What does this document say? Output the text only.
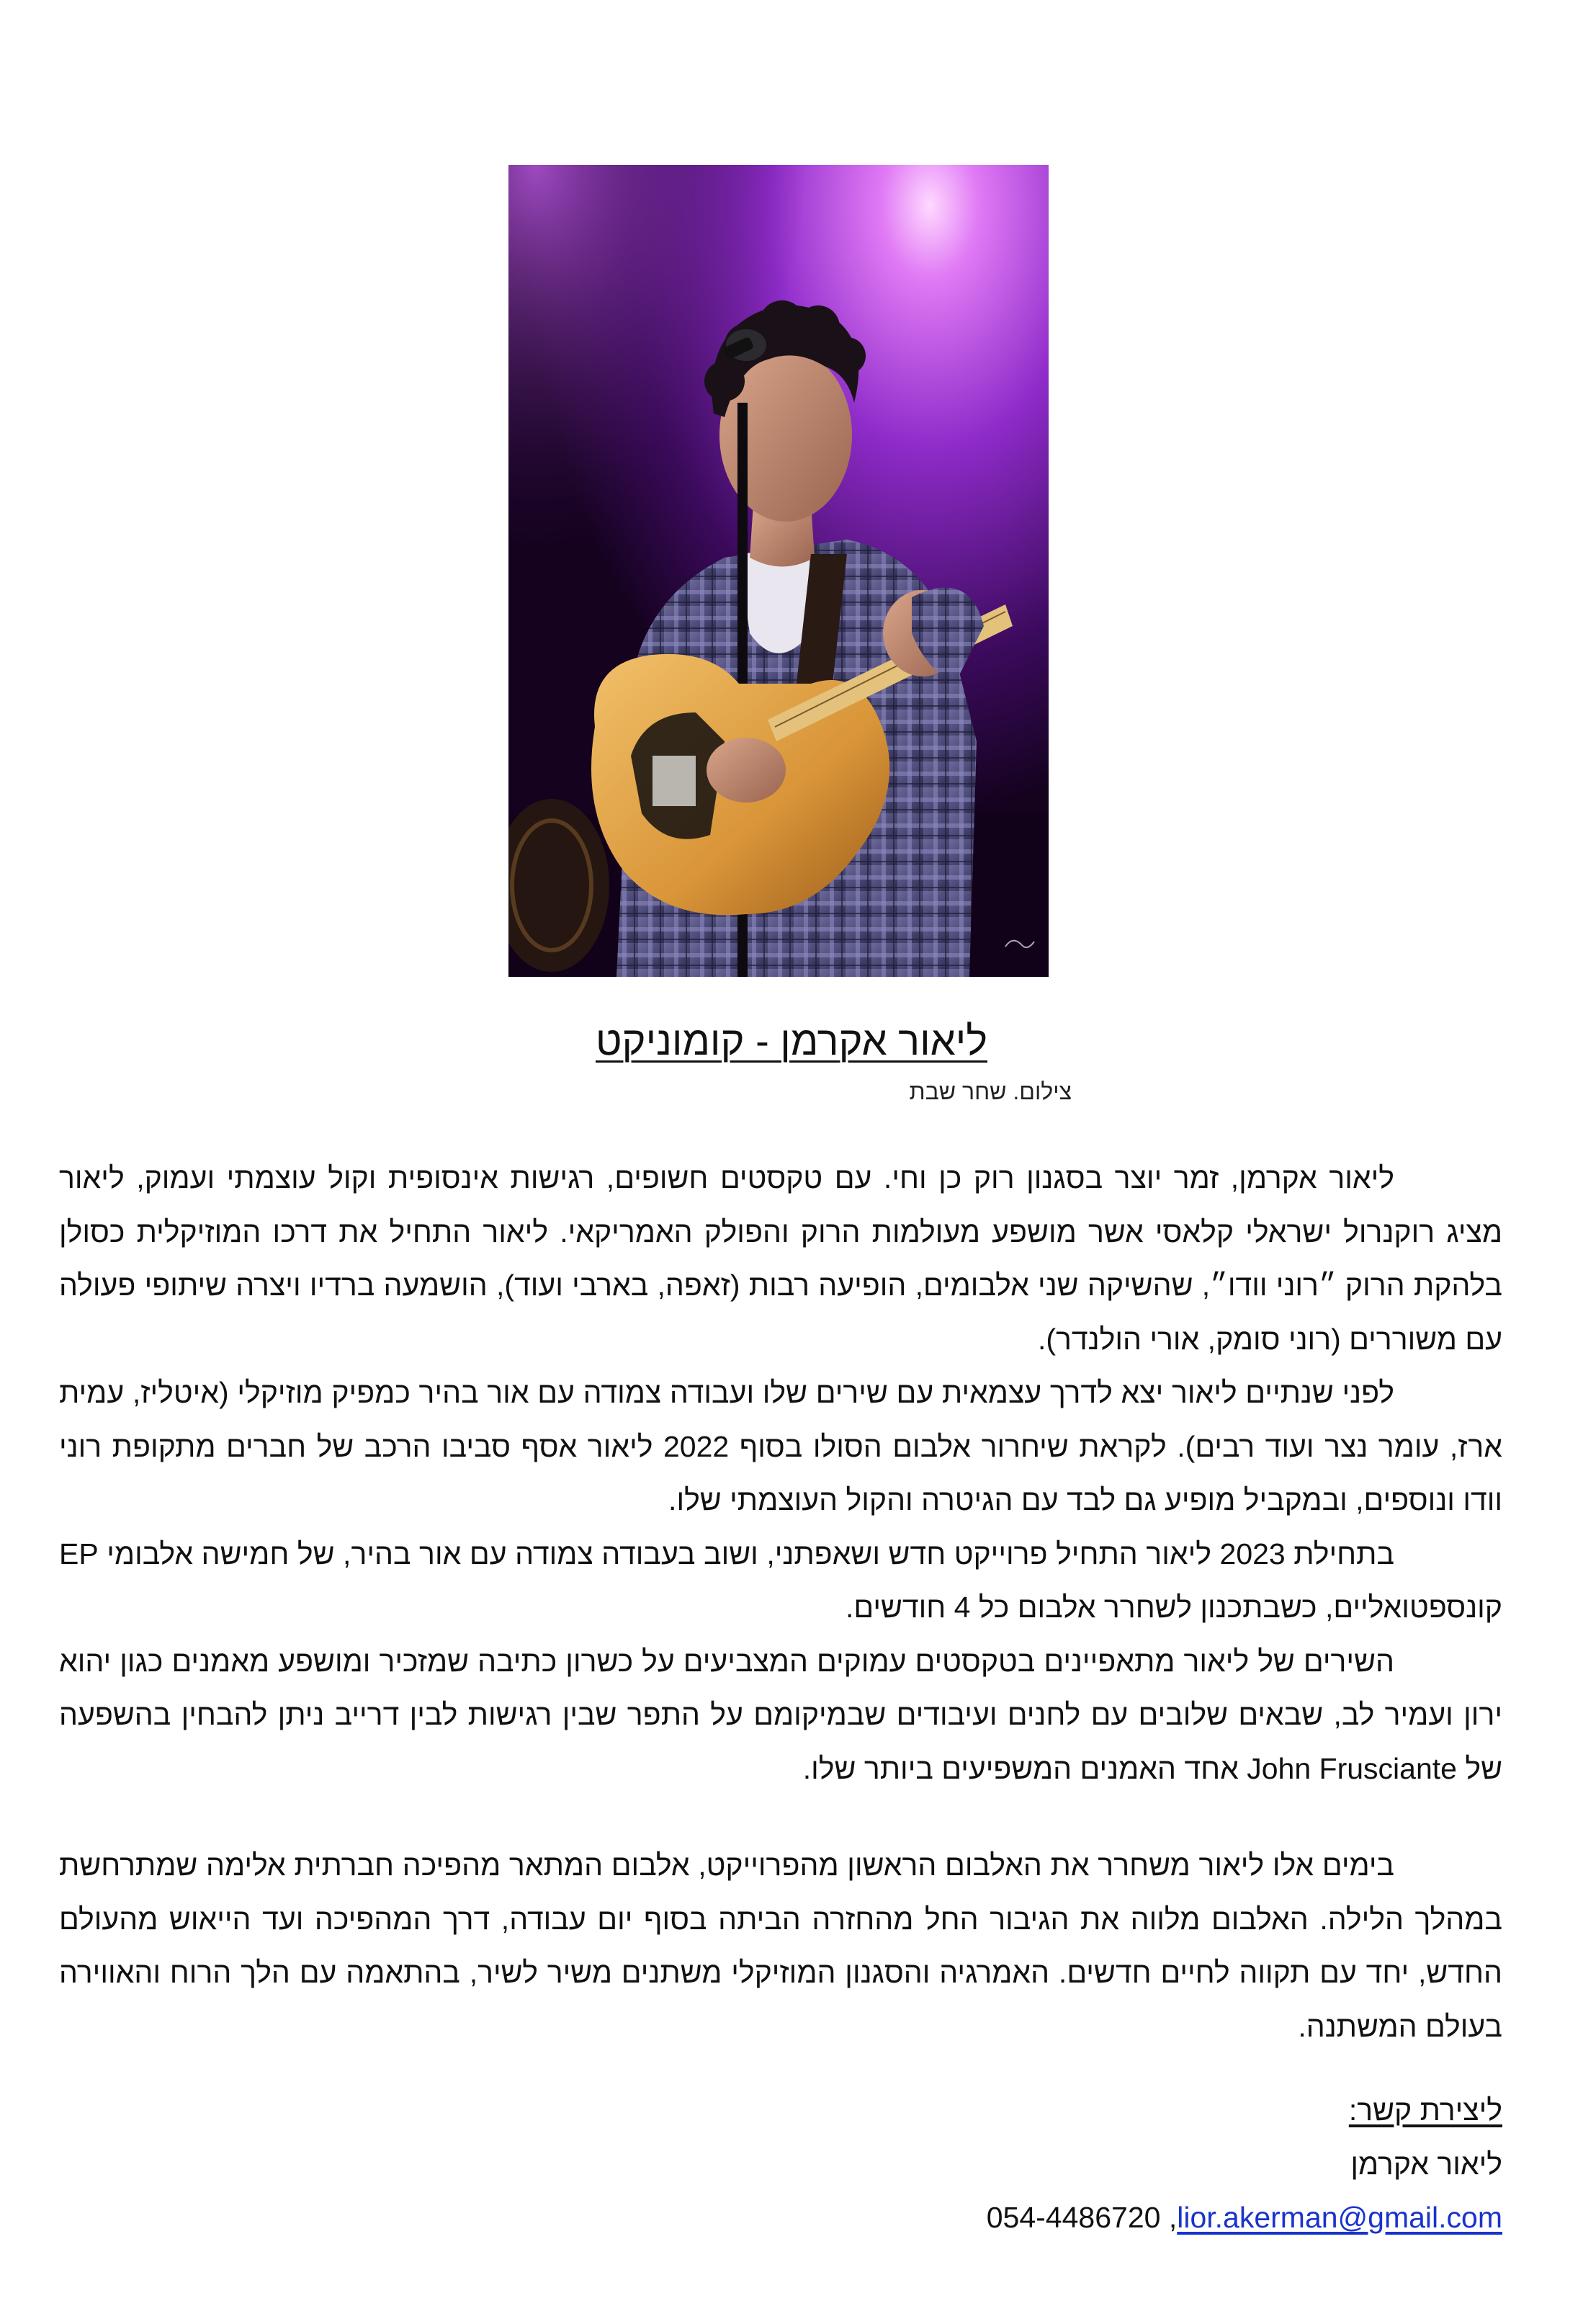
ליאור אקרמן - קומוניקט
צילום. שחר שבת

ליאור אקרמן, זמר יוצר בסגנון רוק כן וחי. עם טקסטים חשופים, רגישות אינסופית וקול עוצמתי ועמוק, ליאור מציג רוקנרול ישראלי קלאסי אשר מושפע מעולמות הרוק והפולק האמריקאי. ליאור התחיל את דרכו המוזיקלית כסולן בלהקת הרוק ״רוני וודו״, שהשיקה שני אלבומים, הופיעה רבות (זאפה, בארבי ועוד), הושמעה ברדיו ויצרה שיתופי פעולה עם משוררים (רוני סומק, אורי הולנדר).

לפני שנתיים ליאור יצא לדרך עצמאית עם שירים שלו ועבודה צמודה עם אור בהיר כמפיק מוזיקלי (איטליז, עמית ארז, עומר נצר ועוד רבים). לקראת שיחרור אלבום הסולו בסוף 2022 ליאור אסף סביבו הרכב של חברים מתקופת רוני וודו ונוספים, ובמקביל מופיע גם לבד עם הגיטרה והקול העוצמתי שלו.

בתחילת 2023 ליאור התחיל פרוייקט חדש ושאפתני, ושוב בעבודה צמודה עם אור בהיר, של חמישה אלבומי EP קונספטואליים, כשבתכנון לשחרר אלבום כל 4 חודשים.

השירים של ליאור מתאפיינים בטקסטים עמוקים המצביעים על כשרון כתיבה שמזכיר ומושפע מאמנים כגון יהוא ירון ועמיר לב, שבאים שלובים עם לחנים ועיבודים שבמיקומם על התפר שבין רגישות לבין דרייב ניתן להבחין בהשפעה של John Frusciante אחד האמנים המשפיעים ביותר שלו.

בימים אלו ליאור משחרר את האלבום הראשון מהפרוייקט, אלבום המתאר מהפיכה חברתית אלימה שמתרחשת במהלך הלילה. האלבום מלווה את הגיבור החל מהחזרה הביתה בסוף יום עבודה, דרך המהפיכה ועד הייאוש מהעולם החדש, יחד עם תקווה לחיים חדשים. האמרגיה והסגנון המוזיקלי משתנים משיר לשיר, בהתאמה עם הלך הרוח והאווירה בעולם המשתנה.

ליצירת קשר:
ליאור אקרמן
054-4486720 ,lior.akerman@gmail.com
